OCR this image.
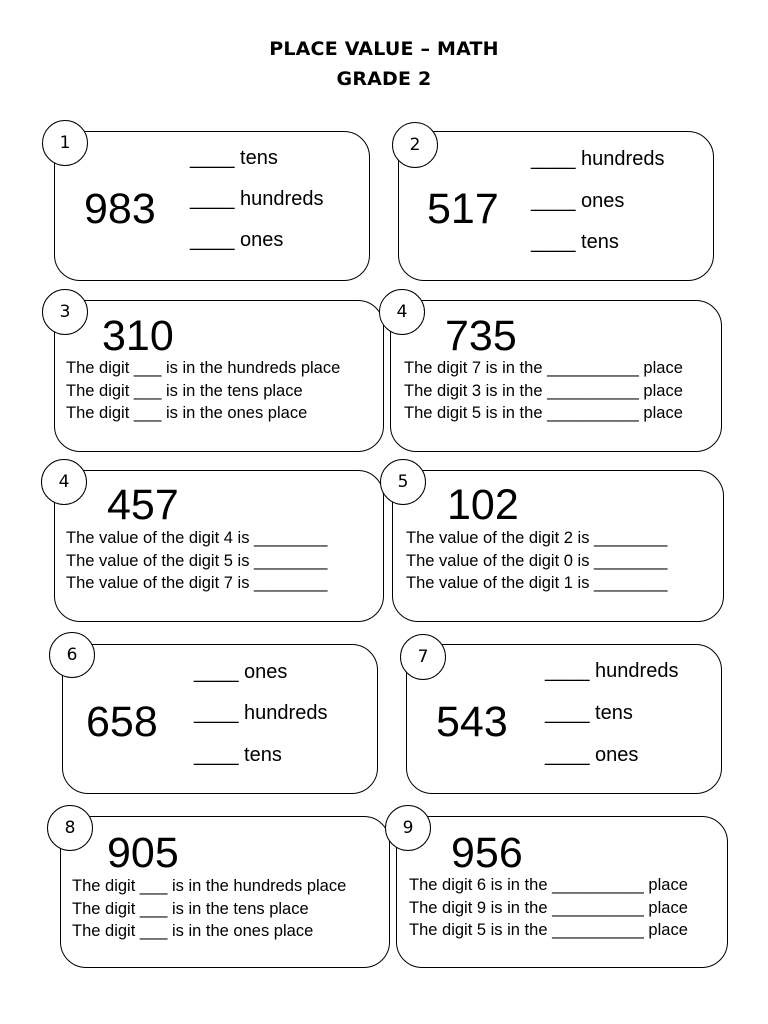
PLACE VALUE – MATH
GRADE 2
1
983
____ tens
____ hundreds
____ ones
2
517
____ hundreds
____ ones
____ tens
3 310
The digit ___ is in the hundreds place
The digit ___ is in the tens place
The digit ___ is in the ones place
4 735
The digit 7 is in the __________ place
The digit 3 is in the __________ place
The digit 5 is in the __________ place
4 457
The value of the digit 4 is ________
The value of the digit 5 is ________
The value of the digit 7 is ________
5 102
The value of the digit 2 is ________
The value of the digit 0 is ________
The value of the digit 1 is ________
6
658
____ ones
____ hundreds
____ tens
7
543
____ hundreds
____ tens
____ ones
8
905
The digit ___ is in the hundreds place
The digit ___ is in the tens place
The digit ___ is in the ones place
9
956
The digit 6 is in the __________ place
The digit 9 is in the __________ place
The digit 5 is in the __________ place
